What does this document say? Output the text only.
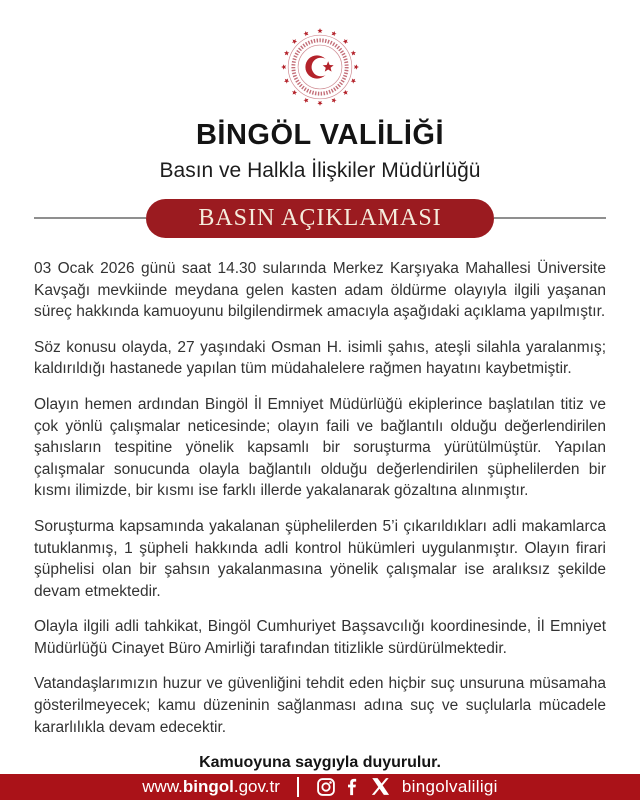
BİNGÖL VALİLİĞİ
Basın ve Halkla İlişkiler Müdürlüğü
BASIN AÇIKLAMASI

03 Ocak 2026 günü saat 14.30 sularında Merkez Karşıyaka Mahallesi Üniversite Kavşağı mevkiinde meydana gelen kasten adam öldürme olayıyla ilgili yaşanan süreç hakkında kamuoyunu bilgilendirmek amacıyla aşağıdaki açıklama yapılmıştır.

Söz konusu olayda, 27 yaşındaki Osman H. isimli şahıs, ateşli silahla yaralanmış; kaldırıldığı hastanede yapılan tüm müdahalelere rağmen hayatını kaybetmiştir.

Olayın hemen ardından Bingöl İl Emniyet Müdürlüğü ekiplerince başlatılan titiz ve çok yönlü çalışmalar neticesinde; olayın faili ve bağlantılı olduğu değerlendirilen şahısların tespitine yönelik kapsamlı bir soruşturma yürütülmüştür. Yapılan çalışmalar sonucunda olayla bağlantılı olduğu değerlendirilen şüphelilerden bir kısmı ilimizde, bir kısmı ise farklı illerde yakalanarak gözaltına alınmıştır.

Soruşturma kapsamında yakalanan şüphelilerden 5’i çıkarıldıkları adli makamlarca tutuklanmış, 1 şüpheli hakkında adli kontrol hükümleri uygulanmıştır. Olayın firari şüphelisi olan bir şahsın yakalanmasına yönelik çalışmalar ise aralıksız şekilde devam etmektedir.

Olayla ilgili adli tahkikat, Bingöl Cumhuriyet Başsavcılığı koordinesinde, İl Emniyet Müdürlüğü Cinayet Büro Amirliği tarafından titizlikle sürdürülmektedir.

Vatandaşlarımızın huzur ve güvenliğini tehdit eden hiçbir suç unsuruna müsamaha gösterilmeyecek; kamu düzeninin sağlanması adına suç ve suçlularla mücadele kararlılıkla devam edecektir.

Kamuoyuna saygıyla duyurulur.
www.bingol.gov.tr	bingolvaliligi
